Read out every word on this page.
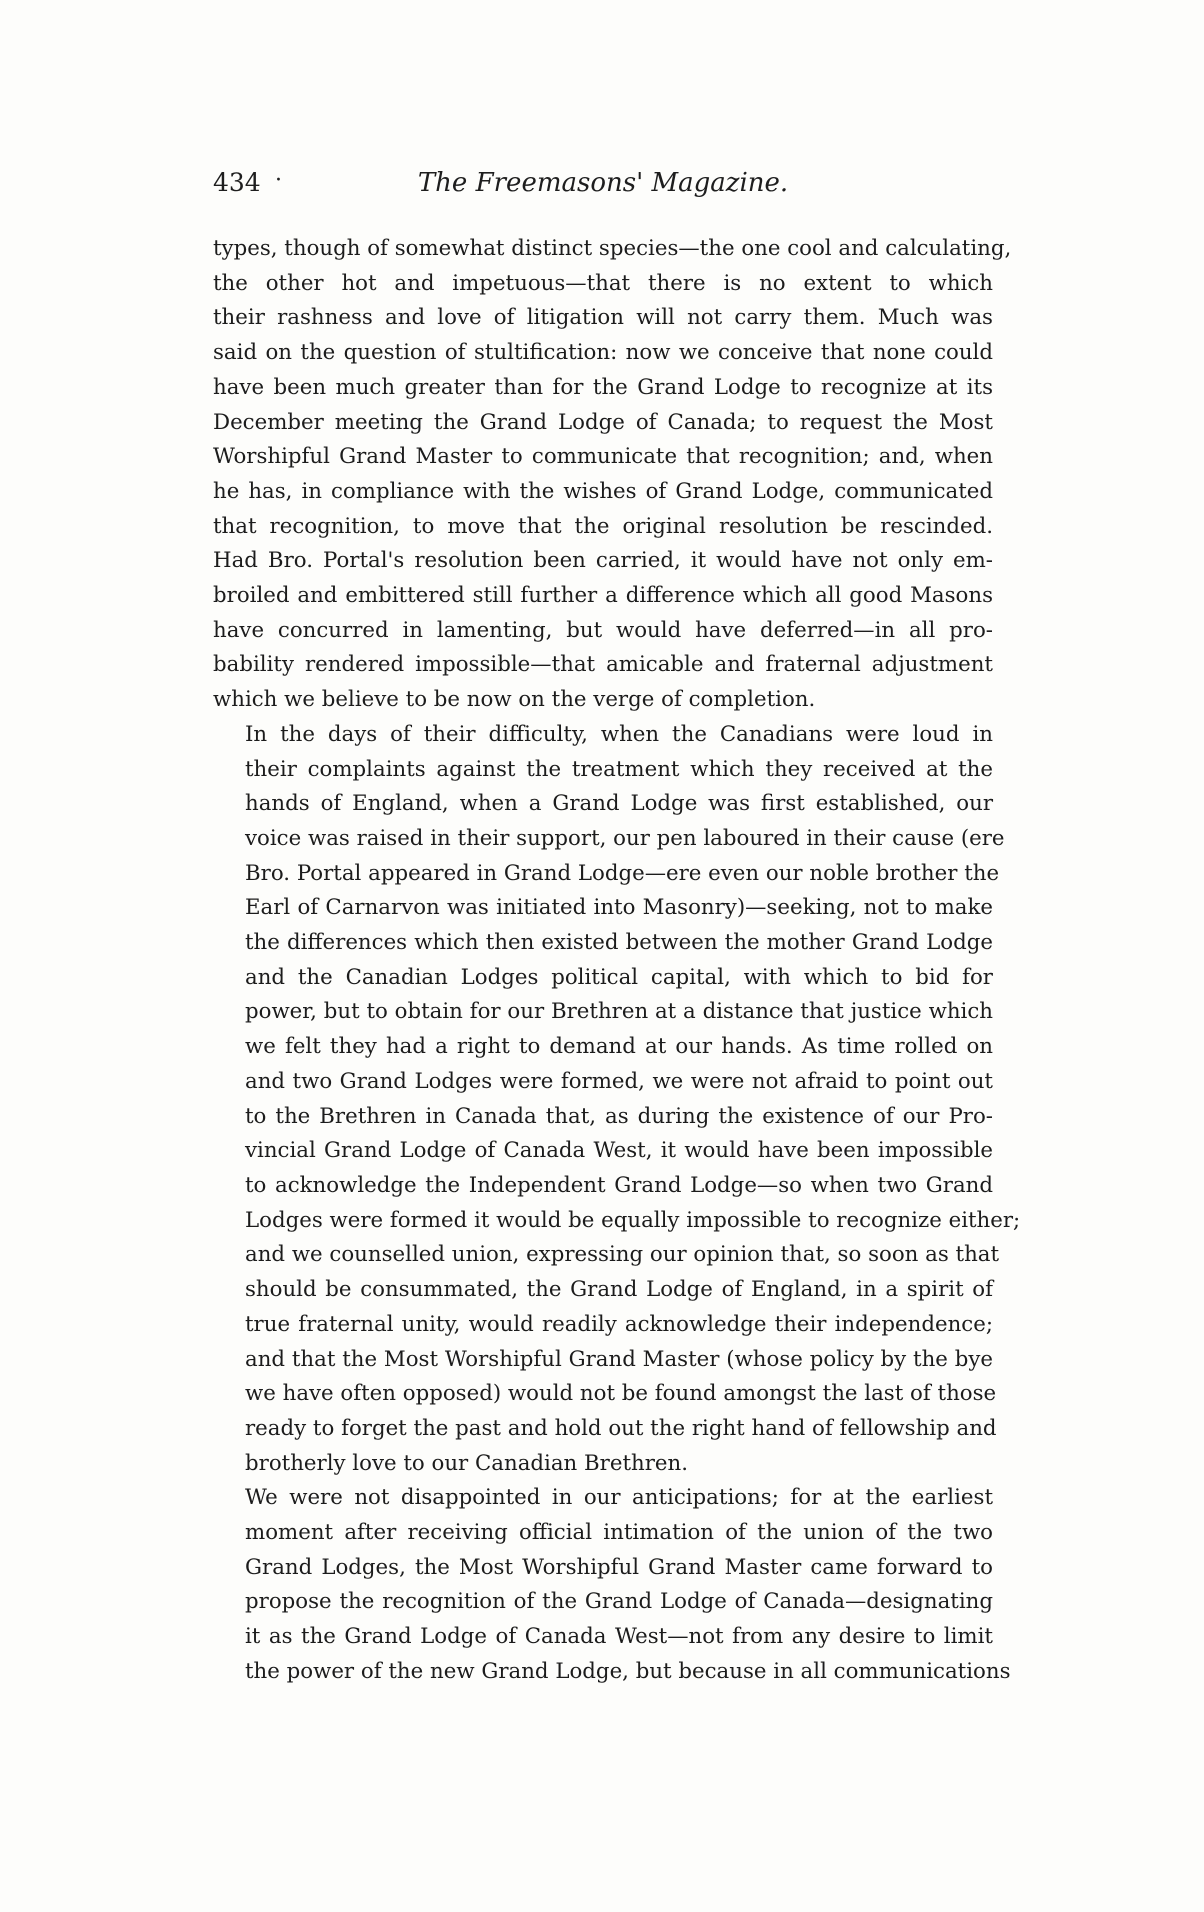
434 ·	The Freemasons' Magazine.
types, though of somewhat distinct species—the one cool and calculating,
the other hot and impetuous—that there is no extent to which
their rashness and love of litigation will not carry them. Much was
said on the question of stultification: now we conceive that none could
have been much greater than for the Grand Lodge to recognize at its
December meeting the Grand Lodge of Canada; to request the Most
Worshipful Grand Master to communicate that recognition; and, when
he has, in compliance with the wishes of Grand Lodge, communicated
that recognition, to move that the original resolution be rescinded.
Had Bro. Portal's resolution been carried, it would have not only em-
broiled and embittered still further a difference which all good Masons
have concurred in lamenting, but would have deferred—in all pro-
bability rendered impossible—that amicable and fraternal adjustment
which we believe to be now on the verge of completion.
In the days of their difficulty, when the Canadians were loud in
their complaints against the treatment which they received at the
hands of England, when a Grand Lodge was first established, our
voice was raised in their support, our pen laboured in their cause (ere
Bro. Portal appeared in Grand Lodge—ere even our noble brother the
Earl of Carnarvon was initiated into Masonry)—seeking, not to make
the differences which then existed between the mother Grand Lodge
and the Canadian Lodges political capital, with which to bid for
power, but to obtain for our Brethren at a distance that justice which
we felt they had a right to demand at our hands. As time rolled on
and two Grand Lodges were formed, we were not afraid to point out
to the Brethren in Canada that, as during the existence of our Pro-
vincial Grand Lodge of Canada West, it would have been impossible
to acknowledge the Independent Grand Lodge—so when two Grand
Lodges were formed it would be equally impossible to recognize either;
and we counselled union, expressing our opinion that, so soon as that
should be consummated, the Grand Lodge of England, in a spirit of
true fraternal unity, would readily acknowledge their independence;
and that the Most Worshipful Grand Master (whose policy by the bye
we have often opposed) would not be found amongst the last of those
ready to forget the past and hold out the right hand of fellowship and
brotherly love to our Canadian Brethren.
We were not disappointed in our anticipations; for at the earliest
moment after receiving official intimation of the union of the two
Grand Lodges, the Most Worshipful Grand Master came forward to
propose the recognition of the Grand Lodge of Canada—designating
it as the Grand Lodge of Canada West—not from any desire to limit
the power of the new Grand Lodge, but because in all communications
